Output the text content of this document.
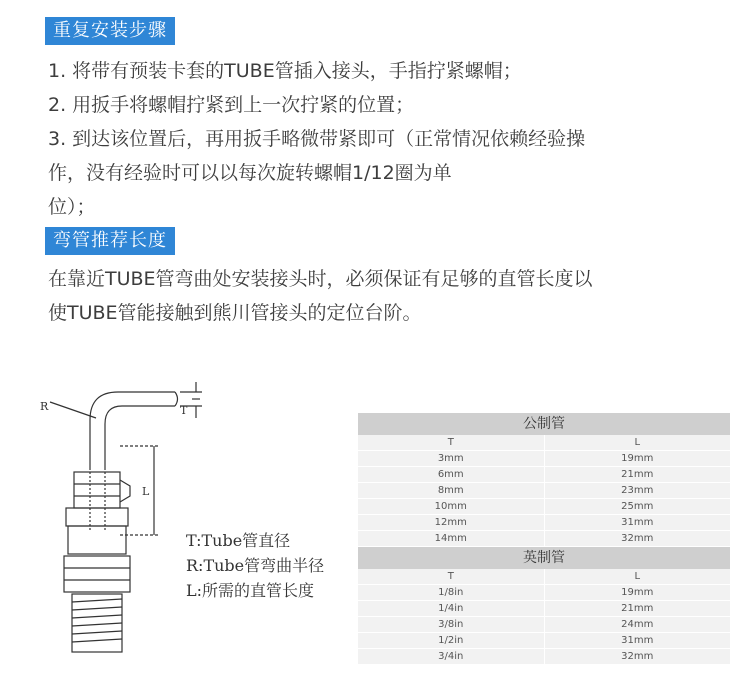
重复安装步骤
1. 将带有预装卡套的TUBE管插入接头，手指拧紧螺帽；
2. 用扳手将螺帽拧紧到上一次拧紧的位置；
3. 到达该位置后，再用扳手略微带紧即可（正常情况依赖经验操
作，没有经验时可以以每次旋转螺帽1/12圈为单
位）；
弯管推荐长度
在靠近TUBE管弯曲处安装接头时，必须保证有足够的直管长度以
使TUBE管能接触到熊川管接头的定位台阶。
R	T
L
T:Tube管直径
R:Tube管弯曲半径
L:所需的直管长度
公制管
T	L
3mm	19mm
6mm	21mm
8mm	23mm
10mm	25mm
12mm	31mm
14mm	32mm
英制管
T	L
1/8in	19mm
1/4in	21mm
3/8in	24mm
1/2in	31mm
3/4in	32mm
